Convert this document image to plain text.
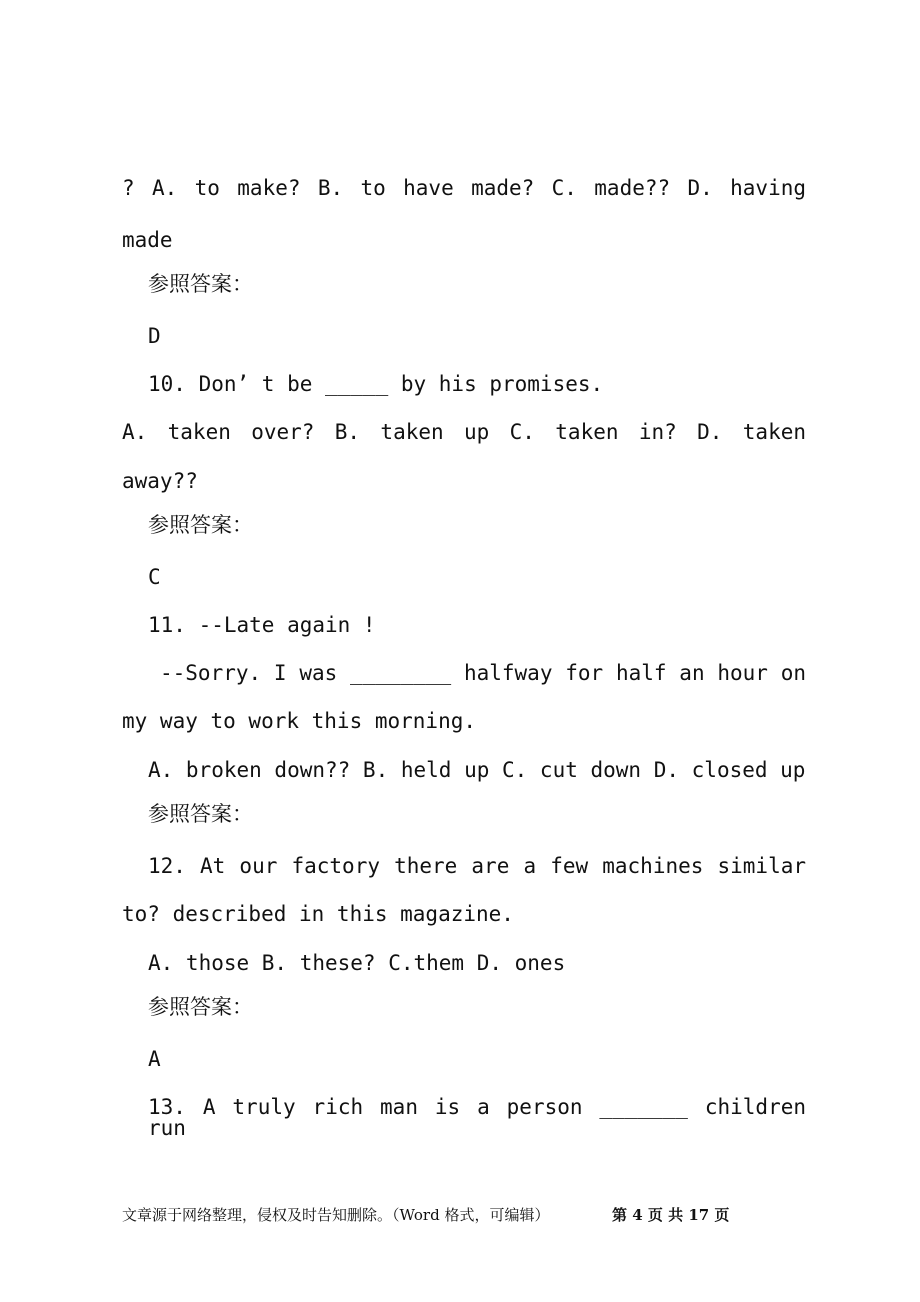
? A. to make? B. to have made? C. made?? D. having
made
参照答案：
D
10. Don’ t be _____ by his promises.
A. taken over? B. taken up C. taken in? D. taken
away??
参照答案：
C
11. --Late again !
--Sorry. I was ________ halfway for half an hour on
my way to work this morning.
A. broken down?? B. held up C. cut down D. closed up
参照答案：
12. At our factory there are a few machines similar
to? described in this magazine.
A. those B. these? C.them D. ones
参照答案：
A
13. A truly rich man is a person _______ children run
文章源于网络整理，侵权及时告知删除。（Word 格式，可编辑）	第 4 页 共 17 页
